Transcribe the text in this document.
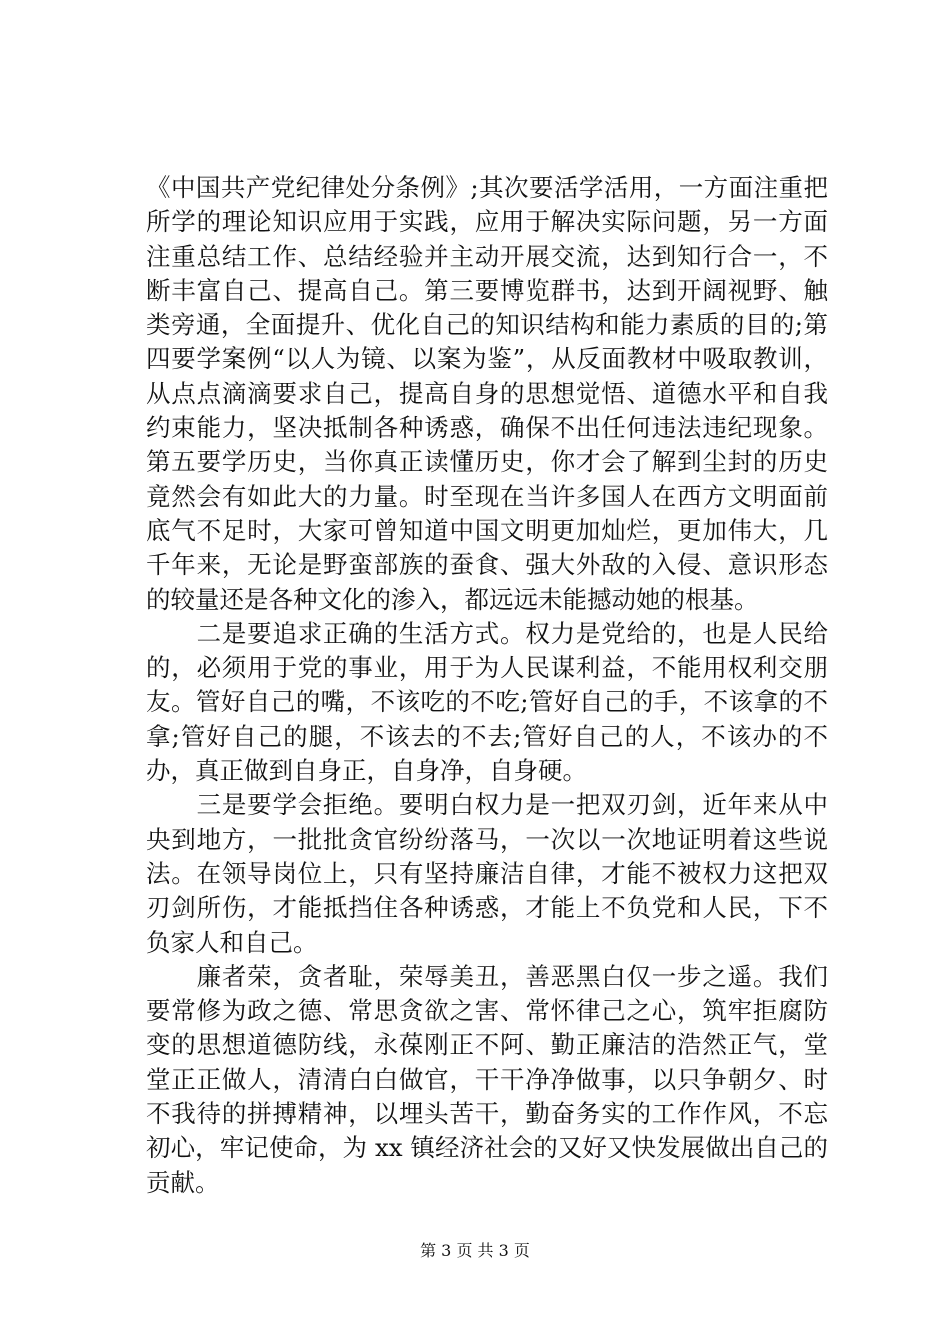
《中国共产党纪律处分条例》;其次要活学活用，一方面注重把
所学的理论知识应用于实践，应用于解决实际问题，另一方面
注重总结工作、总结经验并主动开展交流，达到知行合一，不
断丰富自己、提高自己。第三要博览群书，达到开阔视野、触
类旁通，全面提升、优化自己的知识结构和能力素质的目的;第
四要学案例“以人为镜、以案为鉴”，从反面教材中吸取教训，
从点点滴滴要求自己，提高自身的思想觉悟、道德水平和自我
约束能力，坚决抵制各种诱惑，确保不出任何违法违纪现象。
第五要学历史，当你真正读懂历史，你才会了解到尘封的历史
竟然会有如此大的力量。时至现在当许多国人在西方文明面前
底气不足时，大家可曾知道中国文明更加灿烂，更加伟大，几
千年来，无论是野蛮部族的蚕食、强大外敌的入侵、意识形态
的较量还是各种文化的渗入，都远远未能撼动她的根基。
　　二是要追求正确的生活方式。权力是党给的，也是人民给
的，必须用于党的事业，用于为人民谋利益，不能用权利交朋
友。管好自己的嘴，不该吃的不吃;管好自己的手，不该拿的不
拿;管好自己的腿，不该去的不去;管好自己的人，不该办的不
办，真正做到自身正，自身净，自身硬。
　　三是要学会拒绝。要明白权力是一把双刃剑，近年来从中
央到地方，一批批贪官纷纷落马，一次以一次地证明着这些说
法。在领导岗位上，只有坚持廉洁自律，才能不被权力这把双
刃剑所伤，才能抵挡住各种诱惑，才能上不负党和人民，下不
负家人和自己。
　　廉者荣，贪者耻，荣辱美丑，善恶黑白仅一步之遥。我们
要常修为政之德、常思贪欲之害、常怀律己之心，筑牢拒腐防
变的思想道德防线，永葆刚正不阿、勤正廉洁的浩然正气，堂
堂正正做人，清清白白做官，干干净净做事，以只争朝夕、时
不我待的拼搏精神，以埋头苦干，勤奋务实的工作作风，不忘
初心，牢记使命，为 xx 镇经济社会的又好又快发展做出自己的
贡献。
第 3 页 共 3 页
